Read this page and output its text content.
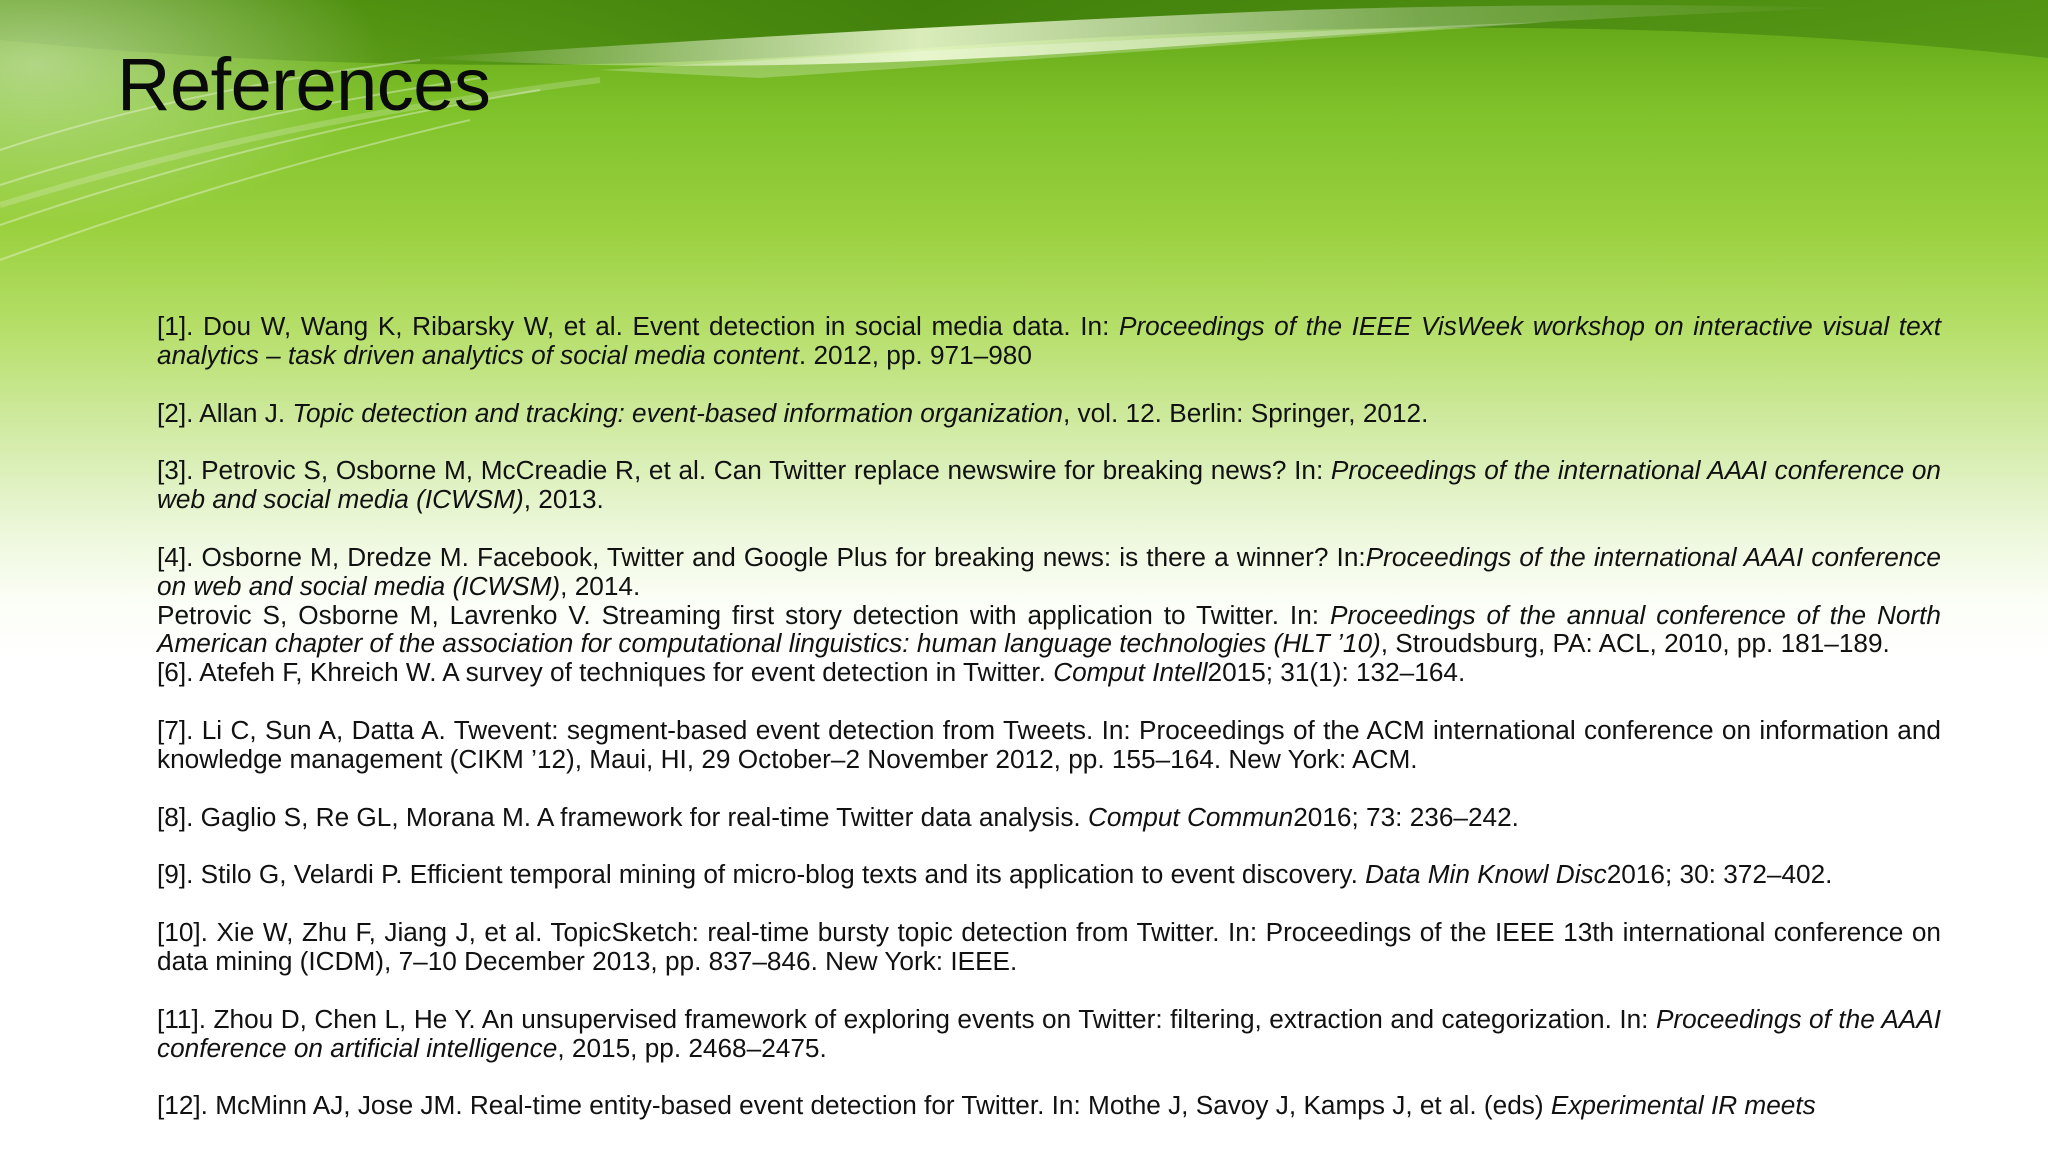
References

[1]. Dou W, Wang K, Ribarsky W, et al. Event detection in social media data. In: Proceedings of the IEEE VisWeek workshop on interactive visual text analytics – task driven analytics of social media content. 2012, pp. 971–980

[2]. Allan J. Topic detection and tracking: event-based information organization, vol. 12. Berlin: Springer, 2012.

[3]. Petrovic S, Osborne M, McCreadie R, et al. Can Twitter replace newswire for breaking news? In: Proceedings of the international AAAI conference on web and social media (ICWSM), 2013.

[4]. Osborne M, Dredze M. Facebook, Twitter and Google Plus for breaking news: is there a winner? In:Proceedings of the international AAAI conference on web and social media (ICWSM), 2014.

Petrovic S, Osborne M, Lavrenko V. Streaming first story detection with application to Twitter. In: Proceedings of the annual conference of the North American chapter of the association for computational linguistics: human language technologies (HLT ’10), Stroudsburg, PA: ACL, 2010, pp. 181–189.

[6]. Atefeh F, Khreich W. A survey of techniques for event detection in Twitter. Comput Intell2015; 31(1): 132–164.

[7]. Li C, Sun A, Datta A. Twevent: segment-based event detection from Tweets. In: Proceedings of the ACM international conference on information and knowledge management (CIKM ’12), Maui, HI, 29 October–2 November 2012, pp. 155–164. New York: ACM.

[8]. Gaglio S, Re GL, Morana M. A framework for real-time Twitter data analysis. Comput Commun2016; 73: 236–242.

[9]. Stilo G, Velardi P. Efficient temporal mining of micro-blog texts and its application to event discovery. Data Min Knowl Disc2016; 30: 372–402.

[10]. Xie W, Zhu F, Jiang J, et al. TopicSketch: real-time bursty topic detection from Twitter. In: Proceedings of the IEEE 13th international conference on data mining (ICDM), 7–10 December 2013, pp. 837–846. New York: IEEE.

[11]. Zhou D, Chen L, He Y. An unsupervised framework of exploring events on Twitter: filtering, extraction and categorization. In: Proceedings of the AAAI conference on artificial intelligence, 2015, pp. 2468–2475.

[12]. McMinn AJ, Jose JM. Real-time entity-based event detection for Twitter. In: Mothe J, Savoy J, Kamps J, et al. (eds) Experimental IR meets
